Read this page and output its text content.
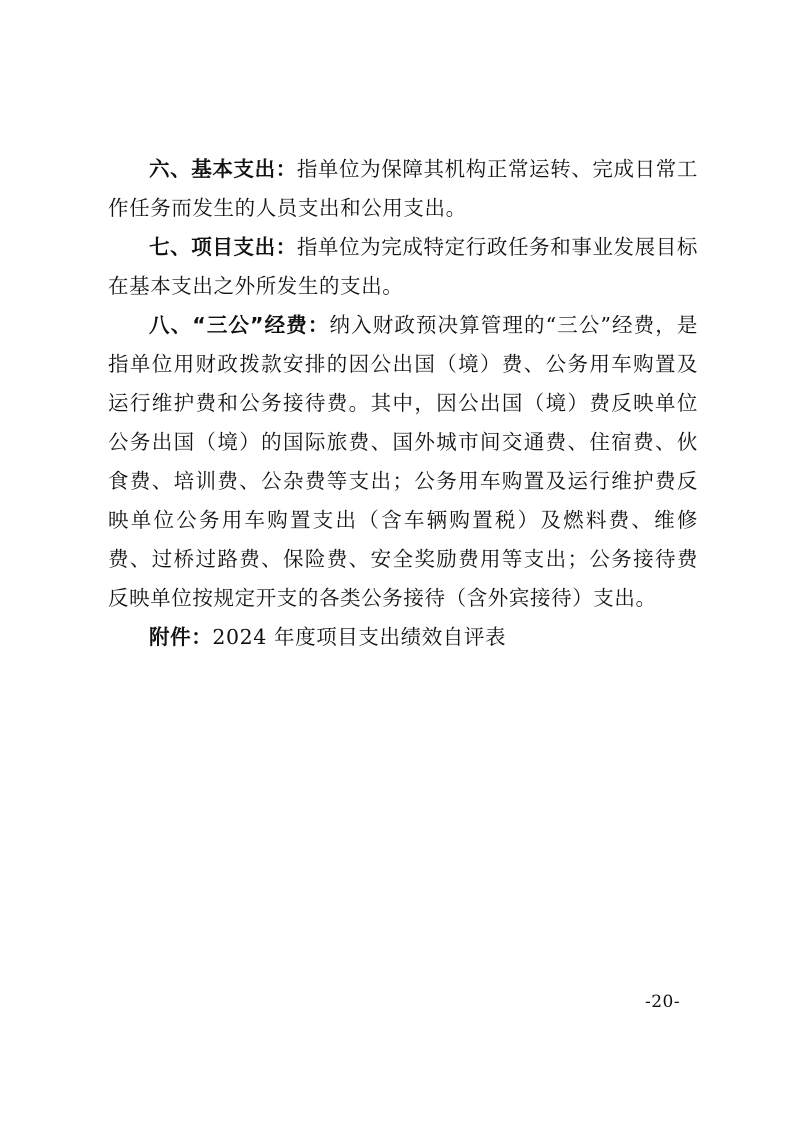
六、基本支出：指单位为保障其机构正常运转、完成日常工作任务而发生的人员支出和公用支出。

七、项目支出：指单位为完成特定行政任务和事业发展目标在基本支出之外所发生的支出。

八、“三公”经费：纳入财政预决算管理的“三公”经费，是指单位用财政拨款安排的因公出国（境）费、公务用车购置及运行维护费和公务接待费。其中，因公出国（境）费反映单位公务出国（境）的国际旅费、国外城市间交通费、住宿费、伙食费、培训费、公杂费等支出；公务用车购置及运行维护费反映单位公务用车购置支出（含车辆购置税）及燃料费、维修费、过桥过路费、保险费、安全奖励费用等支出；公务接待费反映单位按规定开支的各类公务接待（含外宾接待）支出。

附件：2024 年度项目支出绩效自评表

-20-
